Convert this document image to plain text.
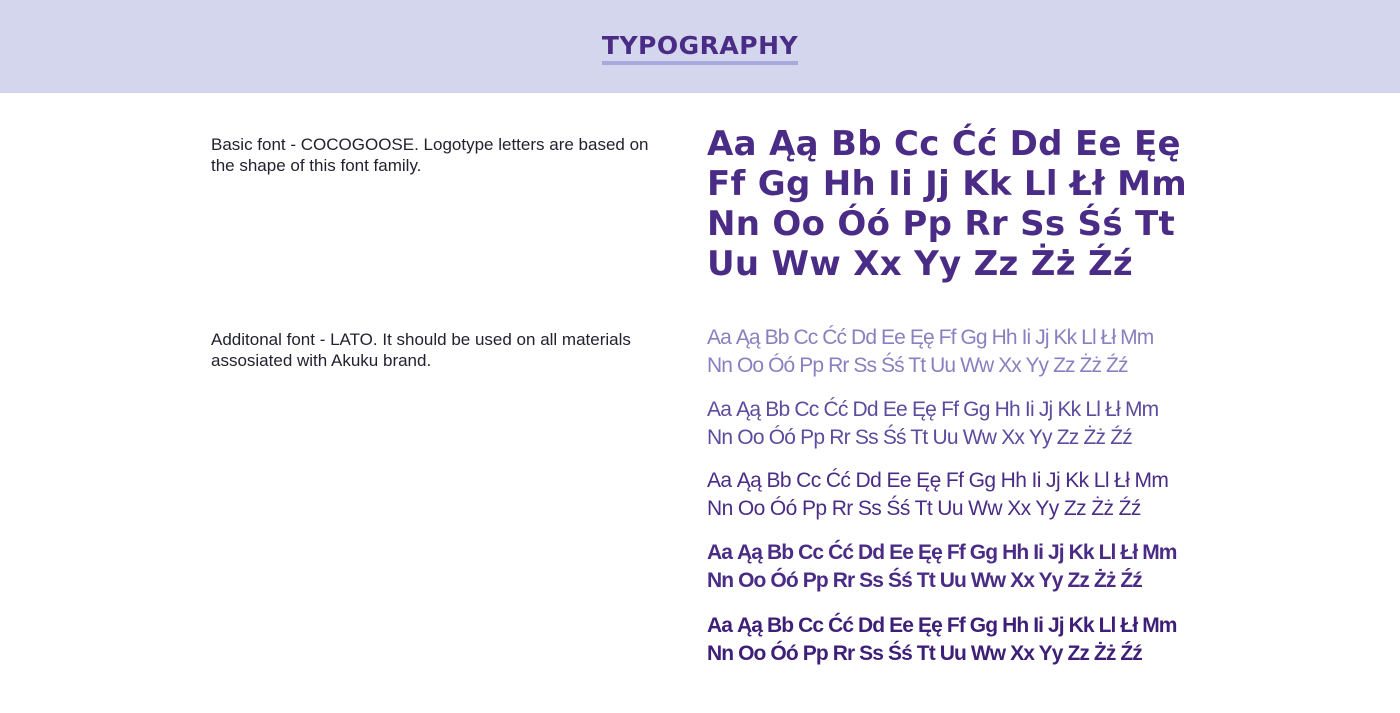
TYPOGRAPHY
Basic font - COCOGOOSE. Logotype letters are based on the shape of this font family.
Aa Ąą Bb Cc Ćć Dd Ee Ęę
Ff Gg Hh Ii Jj Kk Ll Łł Mm
Nn Oo Óó Pp Rr Ss Śś Tt
Uu Ww Xx Yy Zz Żż Źź
Additonal font - LATO. It should be used on all materials assosiated with Akuku brand.
Aa Ąą Bb Cc Ćć Dd Ee Ęę Ff Gg Hh Ii Jj Kk Ll Łł Mm
Nn Oo Óó Pp Rr Ss Śś Tt Uu Ww Xx Yy Zz Żż Źź
Aa Ąą Bb Cc Ćć Dd Ee Ęę Ff Gg Hh Ii Jj Kk Ll Łł Mm
Nn Oo Óó Pp Rr Ss Śś Tt Uu Ww Xx Yy Zz Żż Źź
Aa Ąą Bb Cc Ćć Dd Ee Ęę Ff Gg Hh Ii Jj Kk Ll Łł Mm
Nn Oo Óó Pp Rr Ss Śś Tt Uu Ww Xx Yy Zz Żż Źź
Aa Ąą Bb Cc Ćć Dd Ee Ęę Ff Gg Hh Ii Jj Kk Ll Łł Mm
Nn Oo Óó Pp Rr Ss Śś Tt Uu Ww Xx Yy Zz Żż Źź
Aa Ąą Bb Cc Ćć Dd Ee Ęę Ff Gg Hh Ii Jj Kk Ll Łł Mm
Nn Oo Óó Pp Rr Ss Śś Tt Uu Ww Xx Yy Zz Żż Źź
